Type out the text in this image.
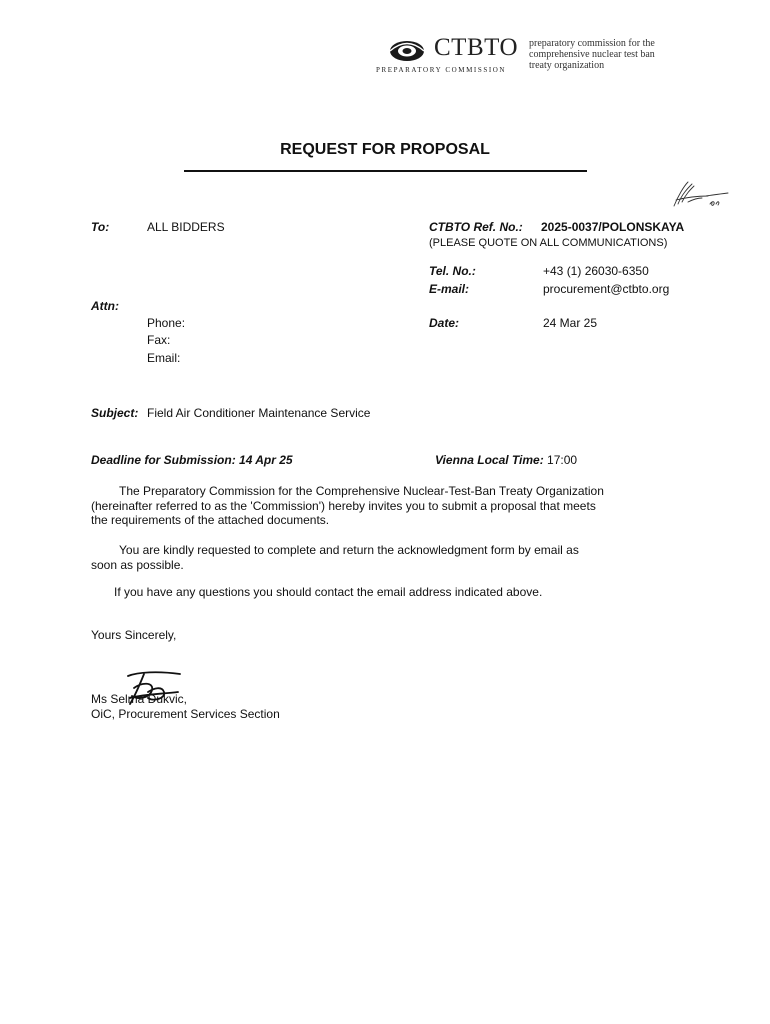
CTBTO
PREPARATORY COMMISSION
preparatory commission for the
comprehensive nuclear test ban
treaty organization
REQUEST FOR PROPOSAL
To:	ALL BIDDERS	CTBTO Ref. No.: 2025-0037/POLONSKAYA
(PLEASE QUOTE ON ALL COMMUNICATIONS)
Tel. No.:	+43 (1) 26030-6350
E-mail:	procurement@ctbto.org
Attn:
Phone:
Fax:
Email:
Date:	24 Mar 25
Subject: Field Air Conditioner Maintenance Service
Deadline for Submission: 14 Apr 25	Vienna Local Time: 17:00
The Preparatory Commission for the Comprehensive Nuclear-Test-Ban Treaty Organization
(hereinafter referred to as the 'Commission') hereby invites you to submit a proposal that meets
the requirements of the attached documents.
You are kindly requested to complete and return the acknowledgment form by email as
soon as possible.
If you have any questions you should contact the email address indicated above.
Yours Sincerely,
Ms Selma Dukvic,
OiC, Procurement Services Section
